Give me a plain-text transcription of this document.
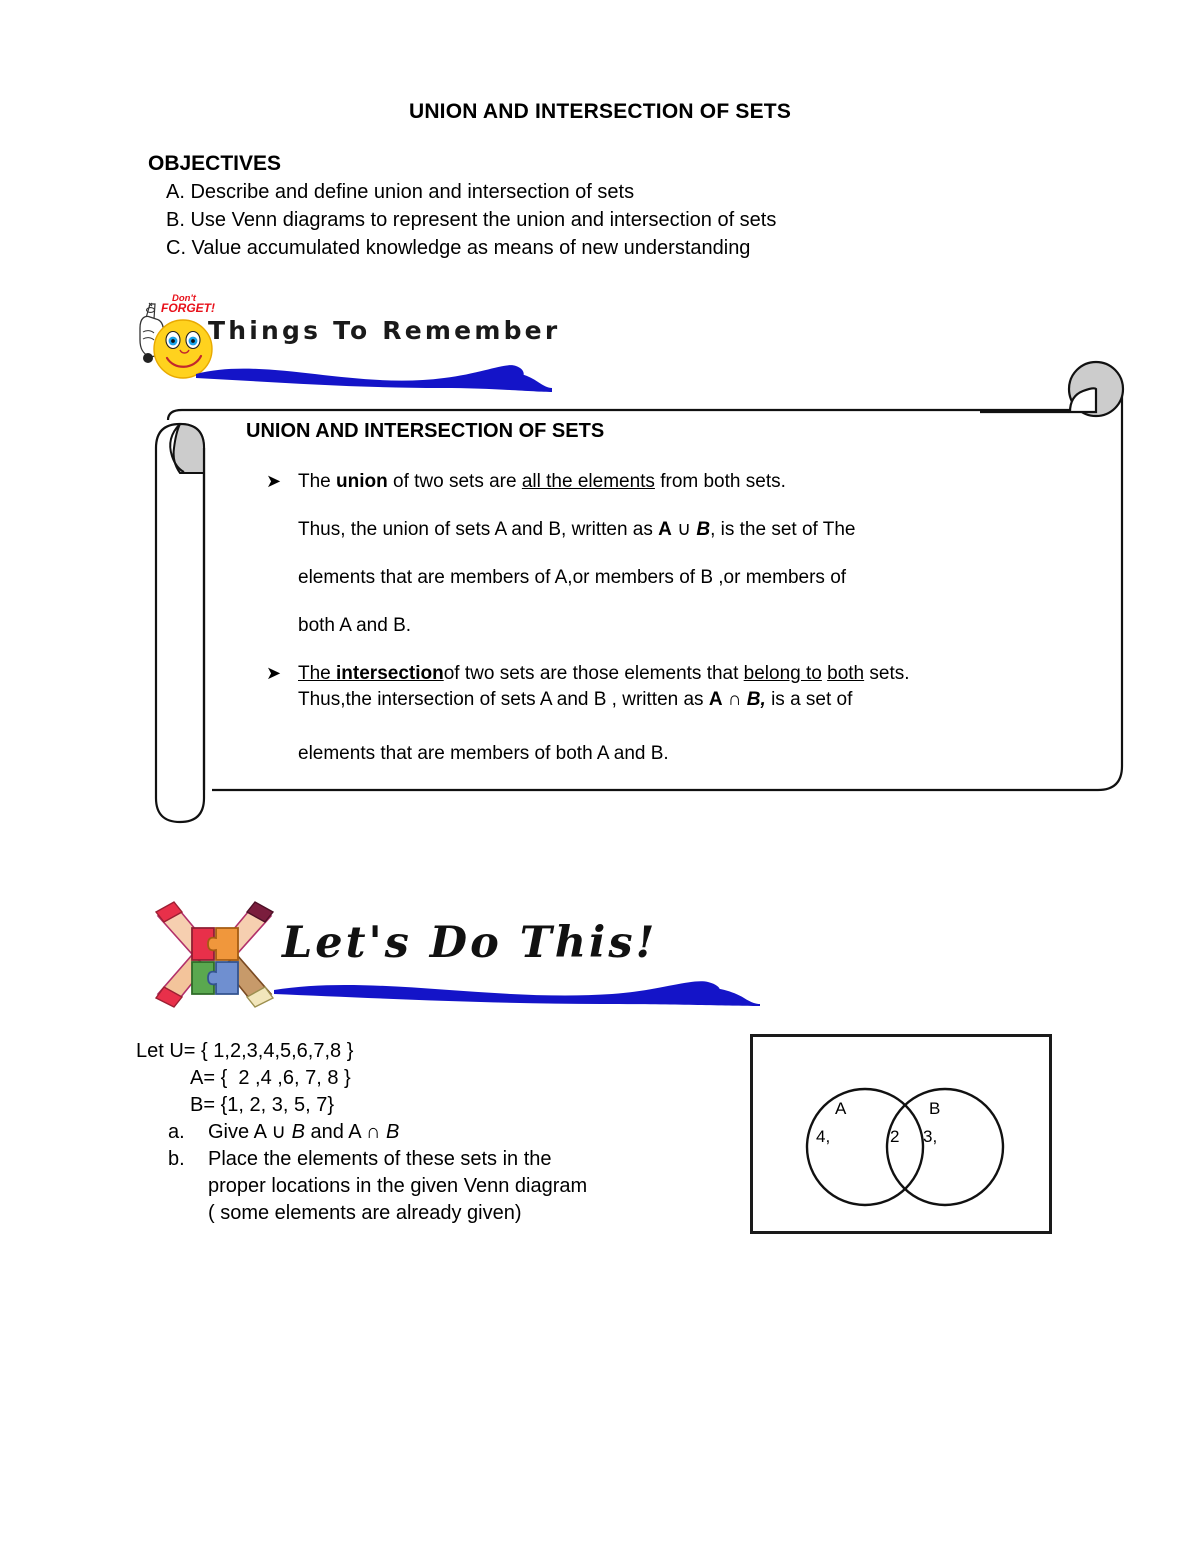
UNION AND INTERSECTION OF SETS
OBJECTIVES
A. Describe and define union and intersection of sets
B. Use Venn diagrams to represent the union and intersection of sets
C. Value accumulated knowledge as means of new understanding
Don't
FORGET!
Things To Remember
UNION AND INTERSECTION OF SETS
➤ The union of two sets are all the elements from both sets.
Thus, the union of sets A and B, written as A ∪ B, is the set of The
elements that are members of A,or members of B ,or members of
both A and B.
➤ The intersectionof two sets are those elements that belong to both sets.
Thus,the intersection of sets A and B , written as A ∩ B, is a set of
elements that are members of both A and B.
Let's Do This!
Let U= { 1,2,3,4,5,6,7,8 }
A= {  2 ,4 ,6, 7, 8 }
B= {1, 2, 3, 5, 7}
a. Give A ∪ B and A ∩ B
b. Place the elements of these sets in the
proper locations in the given Venn diagram
( some elements are already given)
A	B
4,	2 3,
